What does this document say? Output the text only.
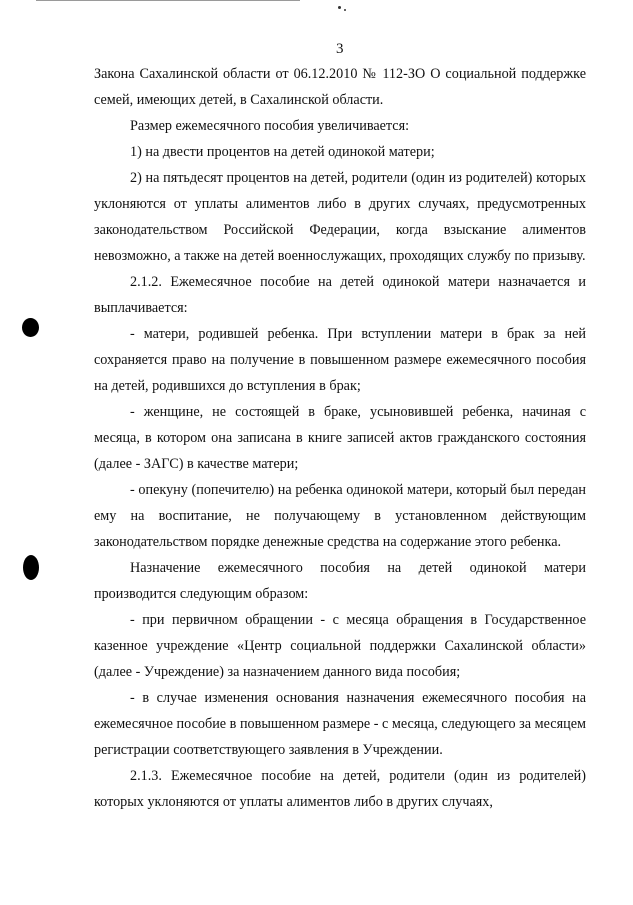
3

Закона Сахалинской области от 06.12.2010 № 112-ЗО О социальной поддержке семей, имеющих детей, в Сахалинской области.

Размер ежемесячного пособия увеличивается:

1) на двести процентов на детей одинокой матери;

2) на пятьдесят процентов на детей, родители (один из родителей) которых уклоняются от уплаты алиментов либо в других случаях, предусмотренных законодательством Российской Федерации, когда взыскание алиментов невозможно, а также на детей военнослужащих, проходящих службу по призыву.

2.1.2. Ежемесячное пособие на детей одинокой матери назначается и выплачивается:

- матери, родившей ребенка. При вступлении матери в брак за ней сохраняется право на получение в повышенном размере ежемесячного пособия на детей, родившихся до вступления в брак;

- женщине, не состоящей в браке, усыновившей ребенка, начиная с месяца, в котором она записана в книге записей актов гражданского состояния (далее - ЗАГС) в качестве матери;

- опекуну (попечителю) на ребенка одинокой матери, который был передан ему на воспитание, не получающему в установленном действующим законодательством порядке денежные средства на содержание этого ребенка.

Назначение ежемесячного пособия на детей одинокой матери производится следующим образом:

- при первичном обращении - с месяца обращения в Государственное казенное учреждение «Центр социальной поддержки Сахалинской области» (далее - Учреждение) за назначением данного вида пособия;

- в случае изменения основания назначения ежемесячного пособия на ежемесячное пособие в повышенном размере - с месяца, следующего за месяцем регистрации соответствующего заявления в Учреждении.

2.1.3. Ежемесячное пособие на детей, родители (один из родителей) которых уклоняются от уплаты алиментов либо в других случаях,
